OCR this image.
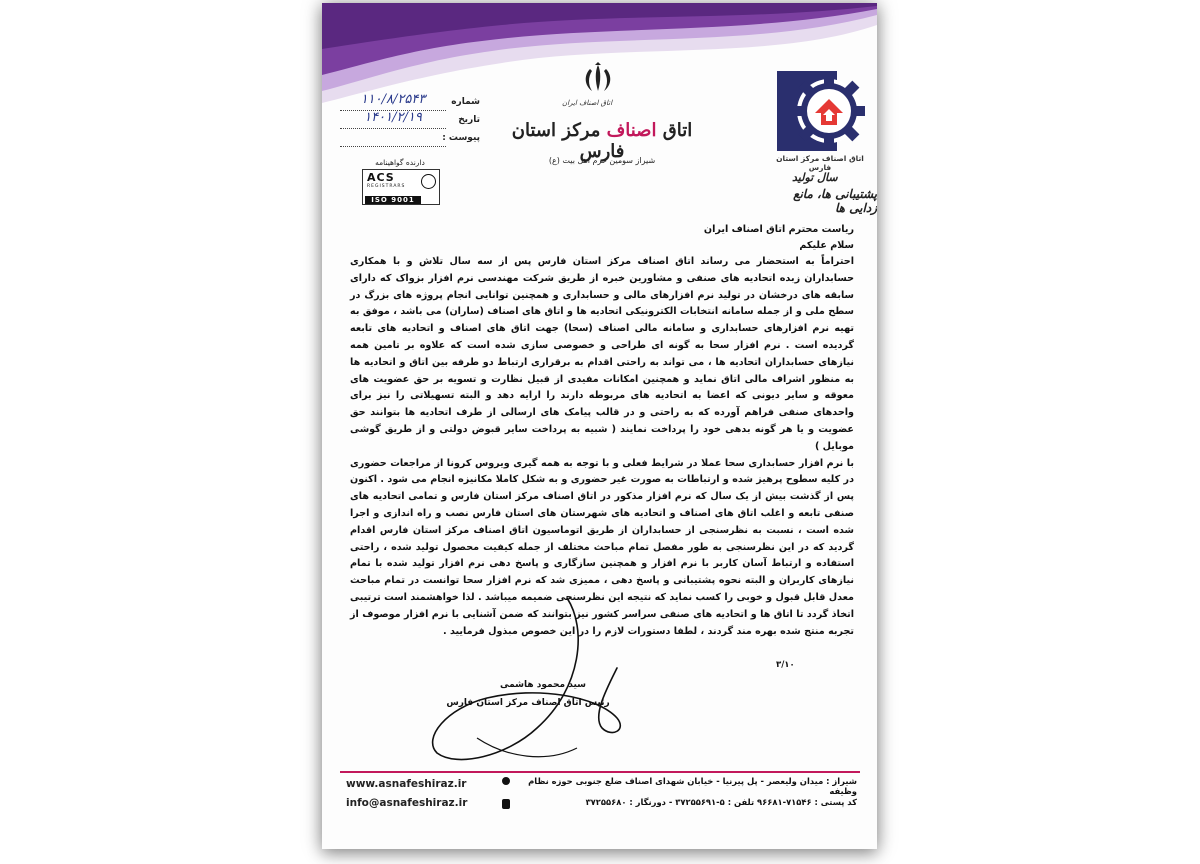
اتاق اصناف ایران
اتاق اصناف مرکز استان فارس
شیراز سومین حرم اهل بیت (ع)	اتاق اصناف مرکز استان فارس
سال تولید
پشتیبانی ها، مانع زدایی ها
شماره
۱۱۰/۸/۲۵۴۳
تاریخ
۱۴۰۱/۲/۱۹
پیوست :
دارنده گواهینامه
ACS
REGISTRARS
ISO 9001
ریاست محترم اتاق اصناف ایران
سلام علیکم

احتراماً به استحضار می رساند اتاق اصناف مرکز استان فارس پس از سه سال تلاش و با همکاری حسابداران زبده اتحادیه های صنفی و مشاورین خبره از طریق شرکت مهندسی نرم افزار بزواک که دارای سابقه های درخشان در تولید نرم افزارهای مالی و حسابداری و همچنین توانایی انجام پروژه های بزرگ در سطح ملی و از جمله سامانه انتخابات الکترونیکی اتحادیه ها و اتاق های اصناف (ساران) می باشد ، موفق به تهیه نرم افزارهای حسابداری و سامانه مالی اصناف (سحا) جهت اتاق های اصناف و اتحادیه های تابعه گردیده است . نرم افزار سحا به گونه ای طراحی و خصوصی سازی شده است که علاوه بر تامین همه نیازهای حسابداران اتحادیه ها ، می تواند به راحتی اقدام به برقراری ارتباط دو طرفه بین اتاق و اتحادیه ها به منظور اشراف مالی اتاق نماید و همچنین امکانات مفیدی از قبیل نظارت و تسویه بر حق عضویت های معوقه و سایر دیونی که اعضا به اتحادیه های مربوطه دارند را ارایه دهد و البته تسهیلاتی را نیز برای واحدهای صنفی فراهم آورده که به راحتی و در قالب پیامک های ارسالی از طرف اتحادیه ها بتوانند حق عضویت و یا هر گونه بدهی خود را پرداخت نمایند ( شبیه به پرداخت سایر قبوض دولتی و از طریق گوشی موبایل )

با نرم افزار حسابداری سحا عملا در شرایط فعلی و با توجه به همه گیری ویروس کرونا از مراجعات حضوری در کلیه سطوح پرهیز شده و ارتباطات به صورت غیر حضوری و به شکل کاملا مکانیزه انجام می شود . اکنون پس از گذشت بیش از یک سال که نرم افزار مذکور در اتاق اصناف مرکز استان فارس و تمامی اتحادیه های صنفی تابعه و اغلب اتاق های اصناف و اتحادیه های شهرستان های استان فارس نصب و راه اندازی و اجرا شده است ، نسبت به نظرسنجی از حسابداران از طریق اتوماسیون اتاق اصناف مرکز استان فارس اقدام گردید که در این نظرسنجی به طور مفصل تمام مباحث مختلف از جمله کیفیت محصول تولید شده ، راحتی استفاده و ارتباط آسان کاربر با نرم افزار و همچنین سازگاری و پاسخ دهی نرم افزار تولید شده با تمام نیازهای کاربران و البته نحوه پشتیبانی و پاسخ دهی ، ممیزی شد که نرم افزار سحا توانست در تمام مباحث معدل قابل قبول و خوبی را کسب نماید که نتیجه این نظرسنجی ضمیمه میباشد . لذا خواهشمند است ترتیبی اتخاذ گردد تا اتاق ها و اتحادیه های صنفی سراسر کشور نیز بتوانند که ضمن آشنایی با نرم افزار موصوف از تجربه منتج شده بهره مند گردند ، لطفا دستورات لازم را در این خصوص مبذول فرمایید .

۳/۱۰
سید محمود هاشمی
رئیس اتاق اصناف مرکز استان فارس
www.asnafeshiraz.ir
info@asnafeshiraz.ir
شیراز : میدان ولیعصر - پل پیرنیا - خیابان شهدای اصناف ضلع جنوبی حوزه نظام وظیفه
کد پستی : ۷۱۵۴۶-۹۶۶۸۱ تلفن : ۵-۳۷۲۵۵۶۹۱ - دورنگار : ۳۷۲۵۵۶۸۰
